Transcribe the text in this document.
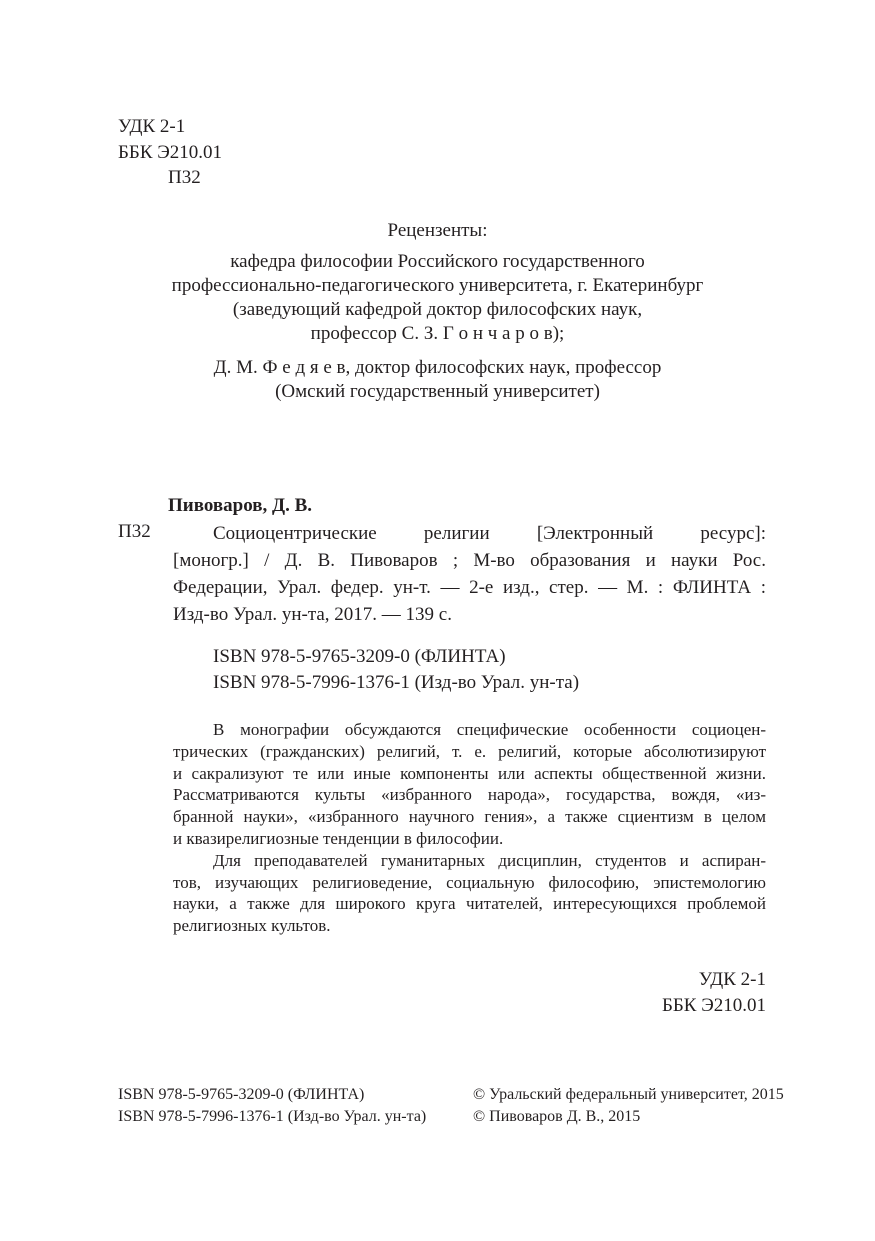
УДК 2-1
ББК Э210.01
П32
Рецензенты:
кафедра философии Российского государственного
профессионально-педагогического университета, г. Екатеринбург
(заведующий кафедрой доктор философских наук,
профессор С. З. Г о н ч а р о в);
Д. М. Ф е д я е в, доктор философских наук, профессор
(Омский государственный университет)
Пивоваров, Д. В.
П32	Социоцентрические религии [Электронный ресурс]:
[моногр.] / Д. В. Пивоваров ; М-во образования и науки Рос.
Федерации, Урал. федер. ун-т. — 2-е изд., стер. — М. : ФЛИНТА :
Изд-во Урал. ун-та, 2017. — 139 с.
ISBN 978-5-9765-3209-0 (ФЛИНТА)
ISBN 978-5-7996-1376-1 (Изд-во Урал. ун-та)
В монографии обсуждаются специфические особенности социоцен-
трических (гражданских) религий, т. е. религий, которые абсолютизируют
и сакрализуют те или иные компоненты или аспекты общественной жизни.
Рассматриваются культы «избранного народа», государства, вождя, «из-
бранной науки», «избранного научного гения», а также сциентизм в целом
и квазирелигиозные тенденции в философии.
Для преподавателей гуманитарных дисциплин, студентов и аспиран-
тов, изучающих религиоведение, социальную философию, эпистемологию
науки, а также для широкого круга читателей, интересующихся проблемой
религиозных культов.
УДК 2-1
ББК Э210.01
ISBN 978-5-9765-3209-0 (ФЛИНТА)
ISBN 978-5-7996-1376-1 (Изд-во Урал. ун-та)
© Уральский федеральный университет, 2015
© Пивоваров Д. В., 2015
